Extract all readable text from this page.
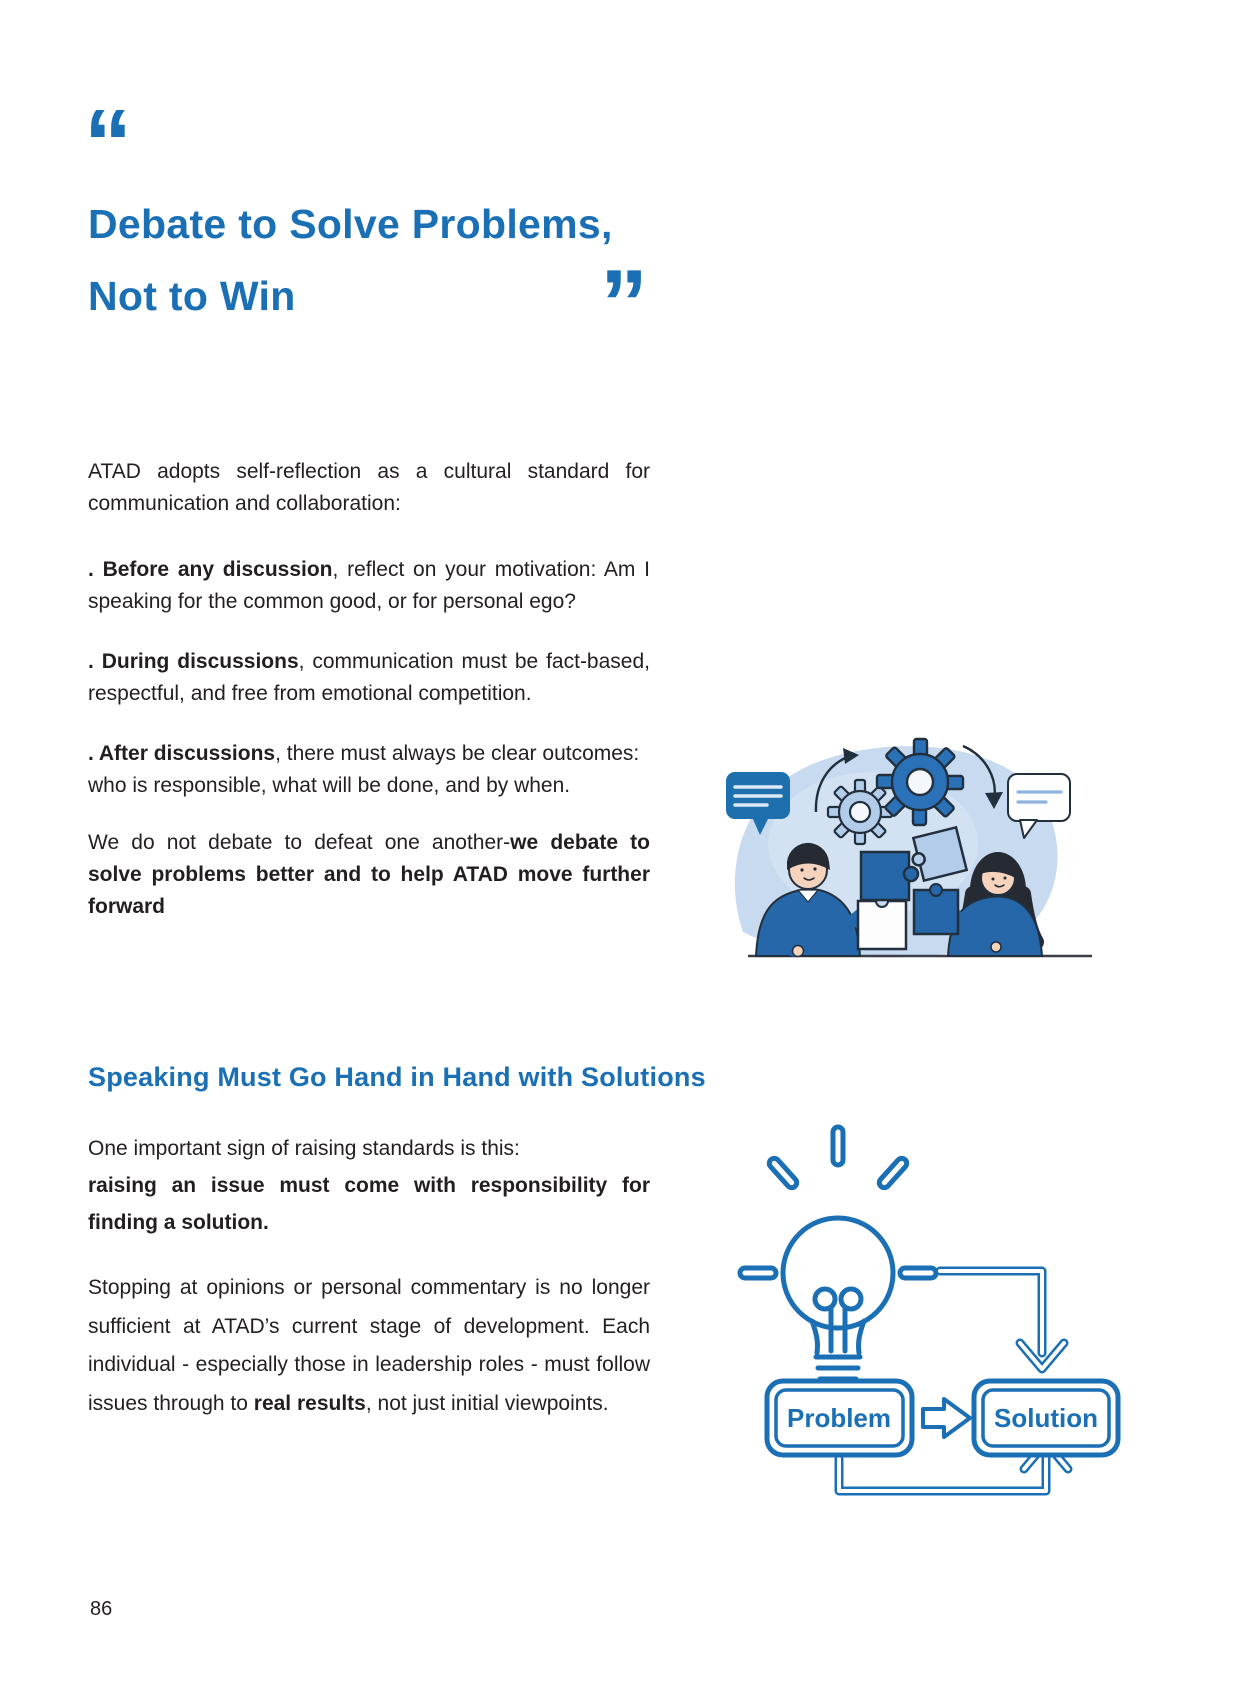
“
Debate to Solve Problems,
Not to Win	”

ATAD adopts self-reflection as a cultural standard for communication and collaboration:

. Before any discussion, reflect on your motivation: Am I speaking for the common good, or for personal ego?

. During discussions, communication must be fact-based, respectful, and free from emotional competition.

. After discussions, there must always be clear outcomes:
who is responsible, what will be done, and by when.

We do not debate to defeat one another-we debate to solve problems better and to help ATAD move further forward

Speaking Must Go Hand in Hand with Solutions

One important sign of raising standards is this:
raising an issue must come with responsibility for finding a solution.

Stopping at opinions or personal commentary is no longer sufficient at ATAD’s current stage of development. Each individual - especially those in leadership roles - must follow issues through to real results, not just initial viewpoints.	Problem	Solution
86
